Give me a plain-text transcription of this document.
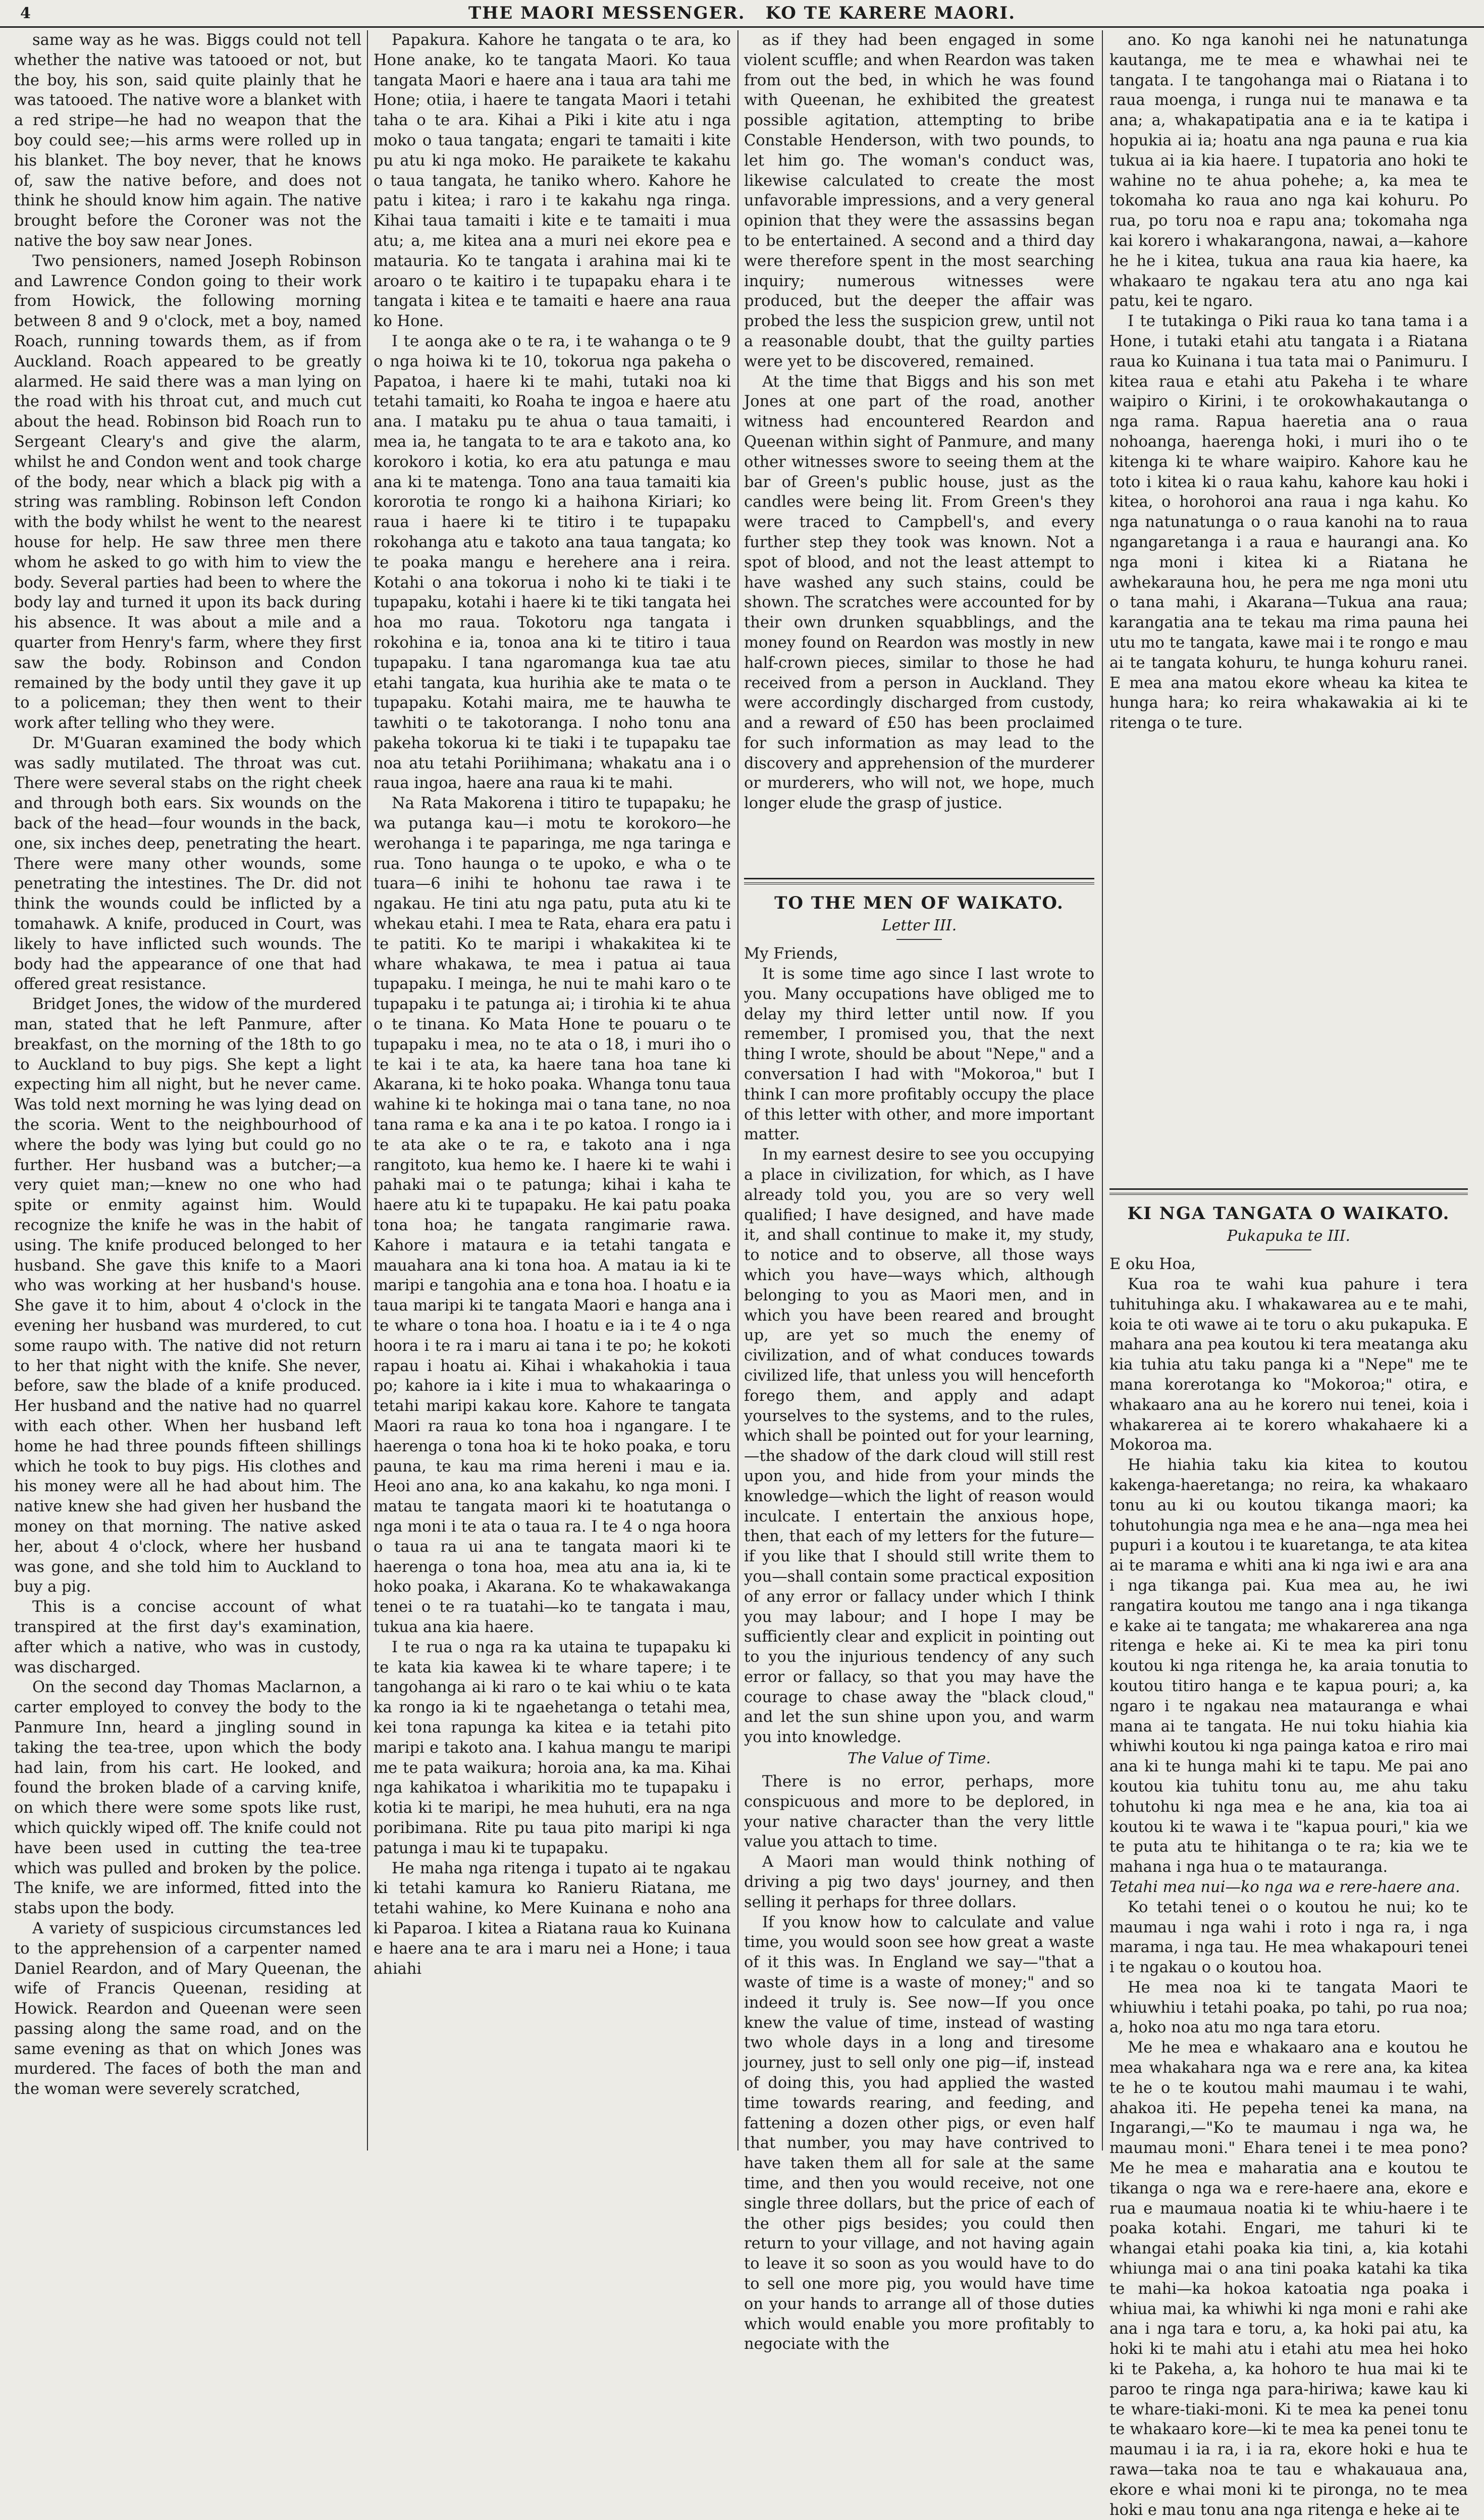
4	THE MAORI MESSENGER. KO TE KARERE MAORI.

same way as he was. Biggs could not tell whether the native was tatooed or not, but the boy, his son, said quite plainly that he was tatooed. The native wore a blanket with a red stripe—he had no weapon that the boy could see;—his arms were rolled up in his blanket. The boy never, that he knows of, saw the native before, and does not think he should know him again. The native brought before the Coroner was not the native the boy saw near Jones.

Two pensioners, named Joseph Robinson and Lawrence Condon going to their work from Howick, the following morning between 8 and 9 o'clock, met a boy, named Roach, running towards them, as if from Auckland. Roach appeared to be greatly alarmed. He said there was a man lying on the road with his throat cut, and much cut about the head. Robinson bid Roach run to Sergeant Cleary's and give the alarm, whilst he and Condon went and took charge of the body, near which a black pig with a string was rambling. Robinson left Condon with the body whilst he went to the nearest house for help. He saw three men there whom he asked to go with him to view the body. Several parties had been to where the body lay and turned it upon its back during his absence. It was about a mile and a quarter from Henry's farm, where they first saw the body. Robinson and Condon remained by the body until they gave it up to a policeman; they then went to their work after telling who they were.

Dr. M'Guaran examined the body which was sadly mutilated. The throat was cut. There were several stabs on the right cheek and through both ears. Six wounds on the back of the head—four wounds in the back, one, six inches deep, penetrating the heart. There were many other wounds, some penetrating the intestines. The Dr. did not think the wounds could be inflicted by a tomahawk. A knife, produced in Court, was likely to have inflicted such wounds. The body had the appearance of one that had offered great resistance.

Bridget Jones, the widow of the murdered man, stated that he left Panmure, after breakfast, on the morning of the 18th to go to Auckland to buy pigs. She kept a light expecting him all night, but he never came. Was told next morning he was lying dead on the scoria. Went to the neighbourhood of where the body was lying but could go no further. Her husband was a butcher;—a very quiet man;—knew no one who had spite or enmity against him. Would recognize the knife he was in the habit of using. The knife produced belonged to her husband. She gave this knife to a Maori who was working at her husband's house. She gave it to him, about 4 o'clock in the evening her husband was murdered, to cut some raupo with. The native did not return to her that night with the knife. She never, before, saw the blade of a knife produced. Her husband and the native had no quarrel with each other. When her husband left home he had three pounds fifteen shillings which he took to buy pigs. His clothes and his money were all he had about him. The native knew she had given her husband the money on that morning. The native asked her, about 4 o'clock, where her husband was gone, and she told him to Auckland to buy a pig.

This is a concise account of what transpired at the first day's examination, after which a native, who was in custody, was discharged.

On the second day Thomas Maclarnon, a carter employed to convey the body to the Panmure Inn, heard a jingling sound in taking the tea-tree, upon which the body had lain, from his cart. He looked, and found the broken blade of a carving knife, on which there were some spots like rust, which quickly wiped off. The knife could not have been used in cutting the tea-tree which was pulled and broken by the police. The knife, we are informed, fitted into the stabs upon the body.

A variety of suspicious circumstances led to the apprehension of a carpenter named Daniel Reardon, and of Mary Queenan, the wife of Francis Queenan, residing at Howick. Reardon and Queenan were seen passing along the same road, and on the same evening as that on which Jones was murdered. The faces of both the man and the woman were severely scratched,

Papakura. Kahore he tangata o te ara, ko Hone anake, ko te tangata Maori. Ko taua tangata Maori e haere ana i taua ara tahi me Hone; otiia, i haere te tangata Maori i tetahi taha o te ara. Kihai a Piki i kite atu i nga moko o taua tangata; engari te tamaiti i kite pu atu ki nga moko. He paraikete te kakahu o taua tangata, he taniko whero. Kahore he patu i kitea; i raro i te kakahu nga ringa. Kihai taua tamaiti i kite e te tamaiti i mua atu; a, me kitea ana a muri nei ekore pea e matauria. Ko te tangata i arahina mai ki te aroaro o te kaitiro i te tupapaku ehara i te tangata i kitea e te tamaiti e haere ana raua ko Hone.

I te aonga ake o te ra, i te wahanga o te 9 o nga hoiwa ki te 10, tokorua nga pakeha o Papatoa, i haere ki te mahi, tutaki noa ki tetahi tamaiti, ko Roaha te ingoa e haere atu ana. I mataku pu te ahua o taua tamaiti, i mea ia, he tangata to te ara e takoto ana, ko korokoro i kotia, ko era atu patunga e mau ana ki te matenga. Tono ana taua tamaiti kia kororotia te rongo ki a haihona Kiriari; ko raua i haere ki te titiro i te tupapaku rokohanga atu e takoto ana taua tangata; ko te poaka mangu e herehere ana i reira. Kotahi o ana tokorua i noho ki te tiaki i te tupapaku, kotahi i haere ki te tiki tangata hei hoa mo raua. Tokotoru nga tangata i rokohina e ia, tonoa ana ki te titiro i taua tupapaku. I tana ngaromanga kua tae atu etahi tangata, kua hurihia ake te mata o te tupapaku. Kotahi maira, me te hauwha te tawhiti o te takotoranga. I noho tonu ana pakeha tokorua ki te tiaki i te tupapaku tae noa atu tetahi Poriihimana; whakatu ana i o raua ingoa, haere ana raua ki te mahi.

Na Rata Makorena i titiro te tupapaku; he wa putanga kau—i motu te korokoro—he werohanga i te paparinga, me nga taringa e rua. Tono haunga o te upoko, e wha o te tuara—6 inihi te hohonu tae rawa i te ngakau. He tini atu nga patu, puta atu ki te whekau etahi. I mea te Rata, ehara era patu i te patiti. Ko te maripi i whakakitea ki te whare whakawa, te mea i patua ai taua tupapaku. I meinga, he nui te mahi karo o te tupapaku i te patunga ai; i tirohia ki te ahua o te tinana. Ko Mata Hone te pouaru o te tupapaku i mea, no te ata o 18, i muri iho o te kai i te ata, ka haere tana hoa tane ki Akarana, ki te hoko poaka. Whanga tonu taua wahine ki te hokinga mai o tana tane, no noa tana rama e ka ana i te po katoa. I rongo ia i te ata ake o te ra, e takoto ana i nga rangitoto, kua hemo ke. I haere ki te wahi i pahaki mai o te patunga; kihai i kaha te haere atu ki te tupapaku. He kai patu poaka tona hoa; he tangata rangimarie rawa. Kahore i mataura e ia tetahi tangata e mauahara ana ki tona hoa. A matau ia ki te maripi e tangohia ana e tona hoa. I hoatu e ia taua maripi ki te tangata Maori e hanga ana i te whare o tona hoa. I hoatu e ia i te 4 o nga hoora i te ra i maru ai tana i te po; he kokoti rapau i hoatu ai. Kihai i whakahokia i taua po; kahore ia i kite i mua to whakaaringa o tetahi maripi kakau kore. Kahore te tangata Maori ra raua ko tona hoa i ngangare. I te haerenga o tona hoa ki te hoko poaka, e toru pauna, te kau ma rima hereni i mau e ia. Heoi ano ana, ko ana kakahu, ko nga moni. I matau te tangata maori ki te hoatutanga o nga moni i te ata o taua ra. I te 4 o nga hoora o taua ra ui ana te tangata maori ki te haerenga o tona hoa, mea atu ana ia, ki te hoko poaka, i Akarana. Ko te whakawakanga tenei o te ra tuatahi—ko te tangata i mau, tukua ana kia haere.

I te rua o nga ra ka utaina te tupapaku ki te kata kia kawea ki te whare tapere; i te tangohanga ai ki raro o te kai whiu o te kata ka rongo ia ki te ngaehetanga o tetahi mea, kei tona rapunga ka kitea e ia tetahi pito maripi e takoto ana. I kahua mangu te maripi me te pata waikura; horoia ana, ka ma. Kihai nga kahikatoa i wharikitia mo te tupapaku i kotia ki te maripi, he mea huhuti, era na nga poribimana. Rite pu taua pito maripi ki nga patunga i mau ki te tupapaku.

He maha nga ritenga i tupato ai te ngakau ki tetahi kamura ko Ranieru Riatana, me tetahi wahine, ko Mere Kuinana e noho ana ki Paparoa. I kitea a Riatana raua ko Kuinana e haere ana te ara i maru nei a Hone; i taua ahiahi

as if they had been engaged in some violent scuffle; and when Reardon was taken from out the bed, in which he was found with Queenan, he exhibited the greatest possible agitation, attempting to bribe Constable Henderson, with two pounds, to let him go. The woman's conduct was, likewise calculated to create the most unfavorable impressions, and a very general opinion that they were the assassins began to be entertained. A second and a third day were therefore spent in the most searching inquiry; numerous witnesses were produced, but the deeper the affair was probed the less the suspicion grew, until not a reasonable doubt, that the guilty parties were yet to be discovered, remained.

At the time that Biggs and his son met Jones at one part of the road, another witness had encountered Reardon and Queenan within sight of Panmure, and many other witnesses swore to seeing them at the bar of Green's public house, just as the candles were being lit. From Green's they were traced to Campbell's, and every further step they took was known. Not a spot of blood, and not the least attempt to have washed any such stains, could be shown. The scratches were accounted for by their own drunken squabblings, and the money found on Reardon was mostly in new half-crown pieces, similar to those he had received from a person in Auckland. They were accordingly discharged from custody, and a reward of £50 has been proclaimed for such information as may lead to the discovery and apprehension of the murderer or murderers, who will not, we hope, much longer elude the grasp of justice.

TO THE MEN OF WAIKATO.
Letter III.

My Friends,

It is some time ago since I last wrote to you. Many occupations have obliged me to delay my third letter until now. If you remember, I promised you, that the next thing I wrote, should be about "Nepe," and a conversation I had with "Mokoroa," but I think I can more profitably occupy the place of this letter with other, and more important matter.

In my earnest desire to see you occupying a place in civilization, for which, as I have already told you, you are so very well qualified; I have designed, and have made it, and shall continue to make it, my study, to notice and to observe, all those ways which you have—ways which, although belonging to you as Maori men, and in which you have been reared and brought up, are yet so much the enemy of civilization, and of what conduces towards civilized life, that unless you will henceforth forego them, and apply and adapt yourselves to the systems, and to the rules, which shall be pointed out for your learning,—the shadow of the dark cloud will still rest upon you, and hide from your minds the knowledge—which the light of reason would inculcate. I entertain the anxious hope, then, that each of my letters for the future—if you like that I should still write them to you—shall contain some practical exposition of any error or fallacy under which I think you may labour; and I hope I may be sufficiently clear and explicit in pointing out to you the injurious tendency of any such error or fallacy, so that you may have the courage to chase away the "black cloud," and let the sun shine upon you, and warm you into knowledge.

The Value of Time.

There is no error, perhaps, more conspicuous and more to be deplored, in your native character than the very little value you attach to time.

A Maori man would think nothing of driving a pig two days' journey, and then selling it perhaps for three dollars.

If you know how to calculate and value time, you would soon see how great a waste of it this was. In England we say—"that a waste of time is a waste of money;" and so indeed it truly is. See now—If you once knew the value of time, instead of wasting two whole days in a long and tiresome journey, just to sell only one pig—if, instead of doing this, you had applied the wasted time towards rearing, and feeding, and fattening a dozen other pigs, or even half that number, you may have contrived to have taken them all for sale at the same time, and then you would receive, not one single three dollars, but the price of each of the other pigs besides; you could then return to your village, and not having again to leave it so soon as you would have to do to sell one more pig, you would have time on your hands to arrange all of those duties which would enable you more profitably to negociate with the

ano. Ko nga kanohi nei he natunatunga kautanga, me te mea e whawhai nei te tangata. I te tangohanga mai o Riatana i to raua moenga, i runga nui te manawa e ta ana; a, whakapatipatia ana e ia te katipa i hopukia ai ia; hoatu ana nga pauna e rua kia tukua ai ia kia haere. I tupatoria ano hoki te wahine no te ahua pohehe; a, ka mea te tokomaha ko raua ano nga kai kohuru. Po rua, po toru noa e rapu ana; tokomaha nga kai korero i whakarangona, nawai, a—kahore he he i kitea, tukua ana raua kia haere, ka whakaaro te ngakau tera atu ano nga kai patu, kei te ngaro.

I te tutakinga o Piki raua ko tana tama i a Hone, i tutaki etahi atu tangata i a Riatana raua ko Kuinana i tua tata mai o Panimuru. I kitea raua e etahi atu Pakeha i te whare waipiro o Kirini, i te orokowhakautanga o nga rama. Rapua haeretia ana o raua nohoanga, haerenga hoki, i muri iho o te kitenga ki te whare waipiro. Kahore kau he toto i kitea ki o raua kahu, kahore kau hoki i kitea, o horohoroi ana raua i nga kahu. Ko nga natunatunga o o raua kanohi na to raua ngangaretanga i a raua e haurangi ana. Ko nga moni i kitea ki a Riatana he awhekarauna hou, he pera me nga moni utu o tana mahi, i Akarana—Tukua ana raua; karangatia ana te tekau ma rima pauna hei utu mo te tangata, kawe mai i te rongo e mau ai te tangata kohuru, te hunga kohuru ranei. E mea ana matou ekore wheau ka kitea te hunga hara; ko reira whakawakia ai ki te ritenga o te ture.

KI NGA TANGATA O WAIKATO.
Pukapuka te III.

E oku Hoa,

Kua roa te wahi kua pahure i tera tuhituhinga aku. I whakawarea au e te mahi, koia te oti wawe ai te toru o aku pukapuka. E mahara ana pea koutou ki tera meatanga aku kia tuhia atu taku panga ki a "Nepe" me te mana korerotanga ko "Mokoroa;" otira, e whakaaro ana au he korero nui tenei, koia i whakarerea ai te korero whakahaere ki a Mokoroa ma.

He hiahia taku kia kitea to koutou kakenga-haeretanga; no reira, ka whakaaro tonu au ki ou koutou tikanga maori; ka tohutohungia nga mea e he ana—nga mea hei pupuri i a koutou i te kuaretanga, te ata kitea ai te marama e whiti ana ki nga iwi e ara ana i nga tikanga pai. Kua mea au, he iwi rangatira koutou me tango ana i nga tikanga e kake ai te tangata; me whakarerea ana nga ritenga e heke ai. Ki te mea ka piri tonu koutou ki nga ritenga he, ka araia tonutia to koutou titiro hanga e te kapua pouri; a, ka ngaro i te ngakau nea matauranga e whai mana ai te tangata. He nui toku hiahia kia whiwhi koutou ki nga painga katoa e riro mai ana ki te hunga mahi ki te tapu. Me pai ano koutou kia tuhitu tonu au, me ahu taku tohutohu ki nga mea e he ana, kia toa ai koutou ki te wawa i te "kapua pouri," kia we te puta atu te hihitanga o te ra; kia we te mahana i nga hua o te matauranga.

Tetahi mea nui—ko nga wa e rere-haere ana.

Ko tetahi tenei o o koutou he nui; ko te maumau i nga wahi i roto i nga ra, i nga marama, i nga tau. He mea whakapouri tenei i te ngakau o o koutou hoa.

He mea noa ki te tangata Maori te whiuwhiu i tetahi poaka, po tahi, po rua noa; a, hoko noa atu mo nga tara etoru.

Me he mea e whakaaro ana e koutou he mea whakahara nga wa e rere ana, ka kitea te he o te koutou mahi maumau i te wahi, ahakoa iti. He pepeha tenei ka mana, na Ingarangi,—"Ko te maumau i nga wa, he maumau moni." Ehara tenei i te mea pono? Me he mea e maharatia ana e koutou te tikanga o nga wa e rere-haere ana, ekore e rua e maumaua noatia ki te whiu-haere i te poaka kotahi. Engari, me tahuri ki te whangai etahi poaka kia tini, a, kia kotahi whiunga mai o ana tini poaka katahi ka tika te mahi—ka hokoa katoatia nga poaka i whiua mai, ka whiwhi ki nga moni e rahi ake ana i nga tara e toru, a, ka hoki pai atu, ka hoki ki te mahi atu i etahi atu mea hei hoko ki te Pakeha, a, ka hohoro te hua mai ki te paroo te ringa nga para-hiriwa; kawe kau ki te whare-tiaki-moni. Ki te mea ka penei tonu te whakaaro kore—ki te mea ka penei tonu te maumau i ia ra, i ia ra, ekore hoki e hua te rawa—taka noa te tau e whakauaua ana, ekore e whai moni ki te pironga, no te mea hoki e mau tonu ana nga ritenga e heke ai te
